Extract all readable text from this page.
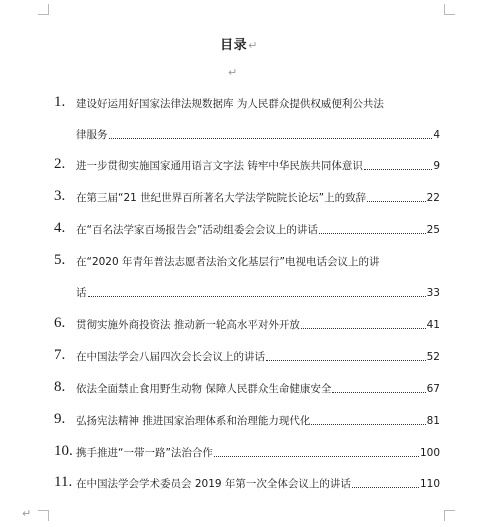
目录↵
↵
1. 建设好运用好国家法律法规数据库 为人民群众提供权威便利公共法
律服务	4
2. 进一步贯彻实施国家通用语言文字法 铸牢中华民族共同体意识	9
3. 在第三届“21 世纪世界百所著名大学法学院院长论坛”上的致辞	22
4. 在“百名法学家百场报告会”活动组委会会议上的讲话	25
5. 在“2020 年青年普法志愿者法治文化基层行”电视电话会议上的讲
话	33
6. 贯彻实施外商投资法 推动新一轮高水平对外开放	41
7. 在中国法学会八届四次会长会议上的讲话	52
8. 依法全面禁止食用野生动物 保障人民群众生命健康安全	67
9. 弘扬宪法精神 推进国家治理体系和治理能力现代化	81
10. 携手推进“一带一路”法治合作	100
11. 在中国法学会学术委员会 2019 年第一次全体会议上的讲话	110
↵
